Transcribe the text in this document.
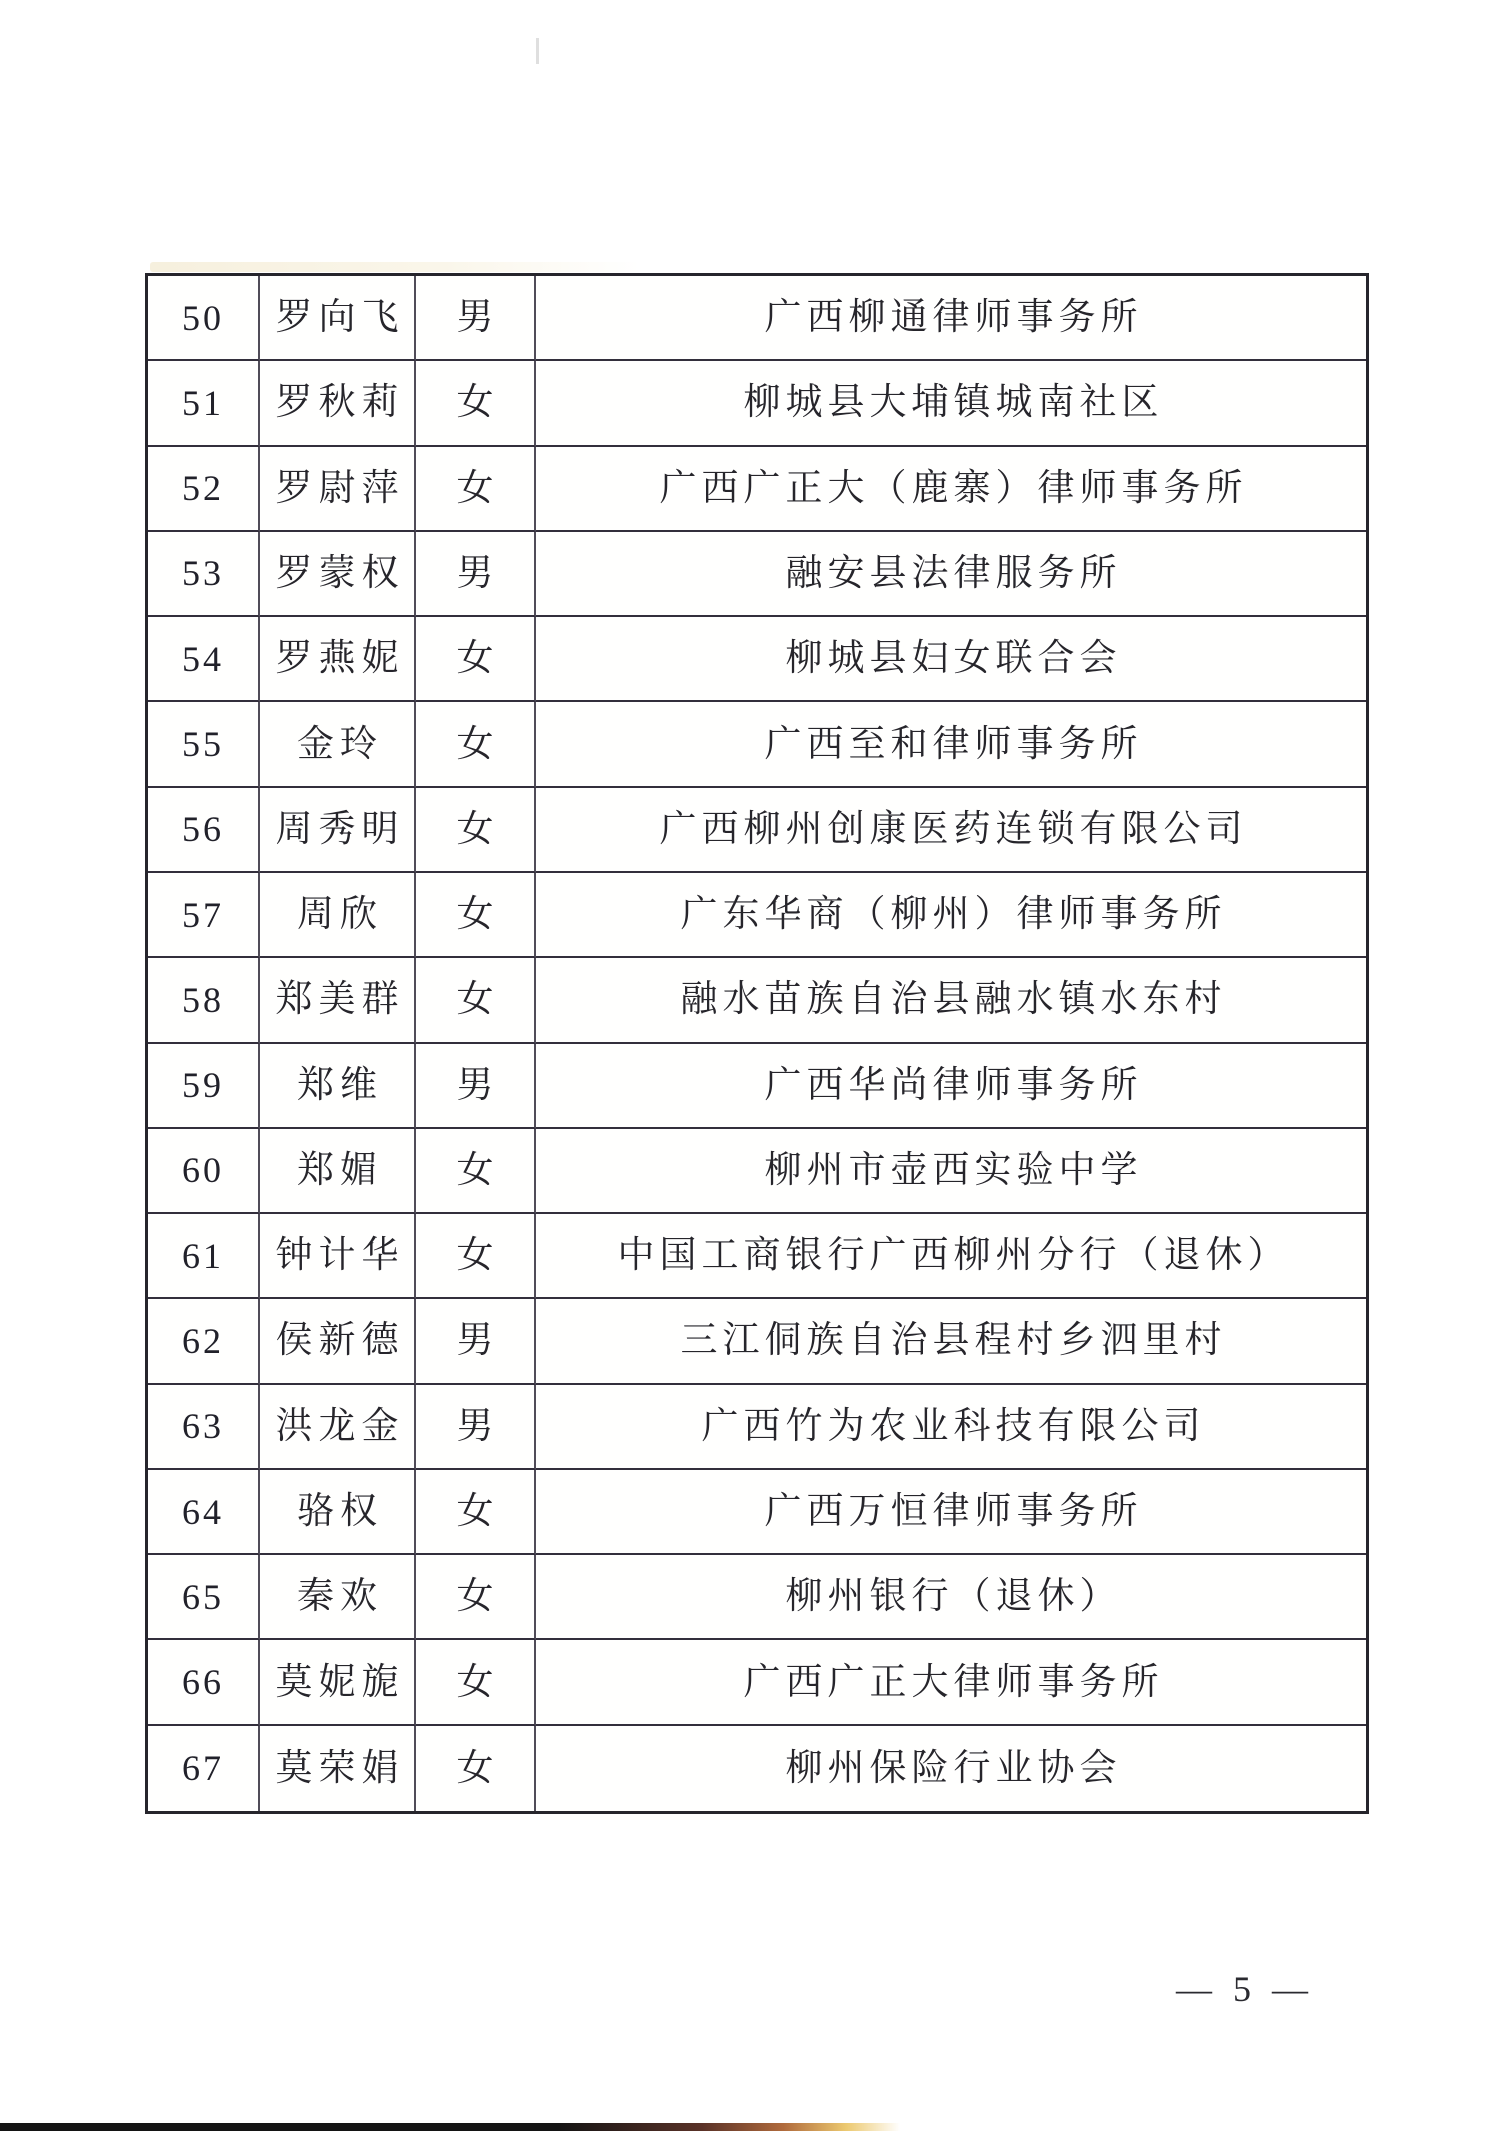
50	罗向飞	男	广西柳通律师事务所
51	罗秋莉	女	柳城县大埔镇城南社区
52	罗尉萍	女	广西广正大（鹿寨）律师事务所
53	罗蒙权	男	融安县法律服务所
54	罗燕妮	女	柳城县妇女联合会
55	金玲	女	广西至和律师事务所
56	周秀明	女	广西柳州创康医药连锁有限公司
57	周欣	女	广东华商（柳州）律师事务所
58	郑美群	女	融水苗族自治县融水镇水东村
59	郑维	男	广西华尚律师事务所
60	郑媚	女	柳州市壶西实验中学
61	钟计华	女	中国工商银行广西柳州分行（退休）
62	侯新德	男	三江侗族自治县程村乡泗里村
63	洪龙金	男	广西竹为农业科技有限公司
64	骆权	女	广西万恒律师事务所
65	秦欢	女	柳州银行（退休）
66	莫妮旎	女	广西广正大律师事务所
67	莫荣娟	女	柳州保险行业协会
— 5 —
